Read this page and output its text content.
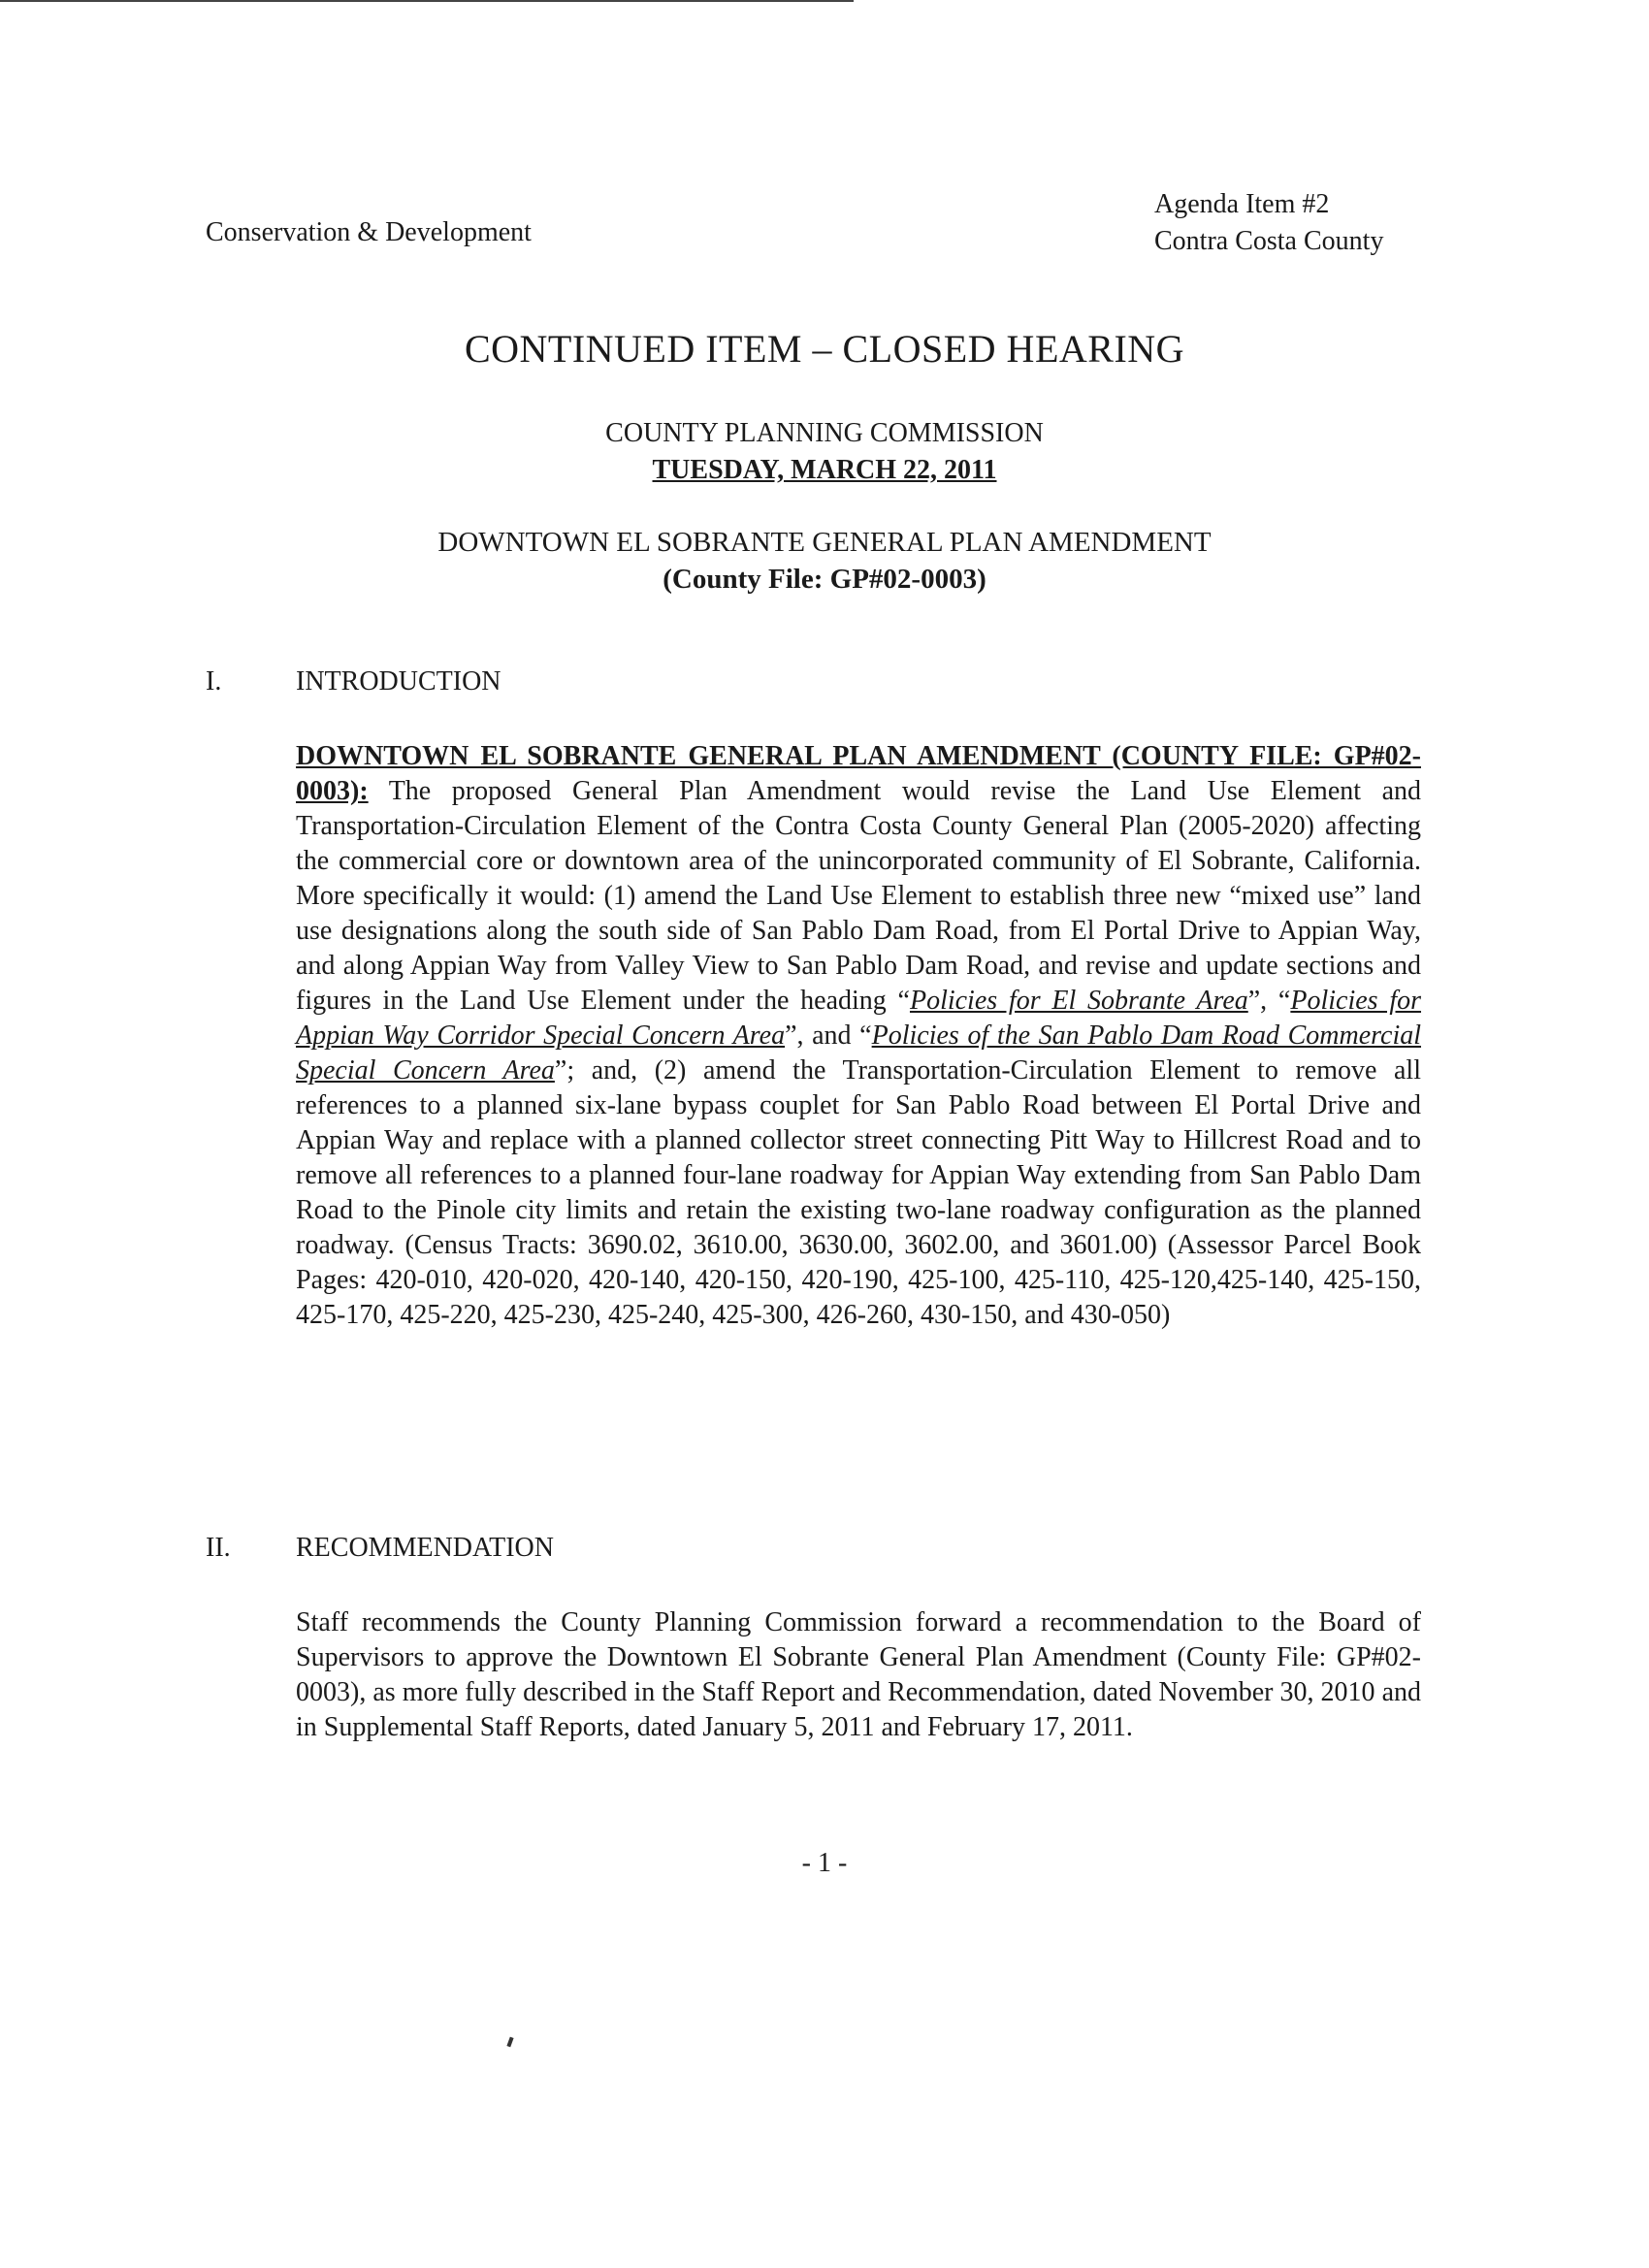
Conservation & Development
Agenda Item #2
Contra Costa County
CONTINUED ITEM – CLOSED HEARING
COUNTY PLANNING COMMISSION
TUESDAY, MARCH 22, 2011
DOWNTOWN EL SOBRANTE GENERAL PLAN AMENDMENT
(County File: GP#02-0003)
I.	INTRODUCTION

DOWNTOWN EL SOBRANTE GENERAL PLAN AMENDMENT (COUNTY FILE: GP#02-0003): The proposed General Plan Amendment would revise the Land Use Element and Transportation-Circulation Element of the Contra Costa County General Plan (2005-2020) affecting the commercial core or downtown area of the unincorporated community of El Sobrante, California. More specifically it would: (1) amend the Land Use Element to establish three new “mixed use” land use designations along the south side of San Pablo Dam Road, from El Portal Drive to Appian Way, and along Appian Way from Valley View to San Pablo Dam Road, and revise and update sections and figures in the Land Use Element under the heading “Policies for El Sobrante Area”, “Policies for Appian Way Corridor Special Concern Area”, and “Policies of the San Pablo Dam Road Commercial Special Concern Area”; and, (2) amend the Transportation-Circulation Element to remove all references to a planned six-lane bypass couplet for San Pablo Road between El Portal Drive and Appian Way and replace with a planned collector street connecting Pitt Way to Hillcrest Road and to remove all references to a planned four-lane roadway for Appian Way extending from San Pablo Dam Road to the Pinole city limits and retain the existing two-lane roadway configuration as the planned roadway. (Census Tracts: 3690.02, 3610.00, 3630.00, 3602.00, and 3601.00) (Assessor Parcel Book Pages: 420-010, 420-020, 420-140, 420-150, 420-190, 425-100, 425-110, 425-120,425-140, 425-150, 425-170, 425-220, 425-230, 425-240, 425-300, 426-260, 430-150, and 430-050)

II. RECOMMENDATION

Staff recommends the County Planning Commission forward a recommendation to the Board of Supervisors to approve the Downtown El Sobrante General Plan Amendment (County File: GP#02-0003), as more fully described in the Staff Report and Recommendation, dated November 30, 2010 and in Supplemental Staff Reports, dated January 5, 2011 and February 17, 2011.

- 1 -
